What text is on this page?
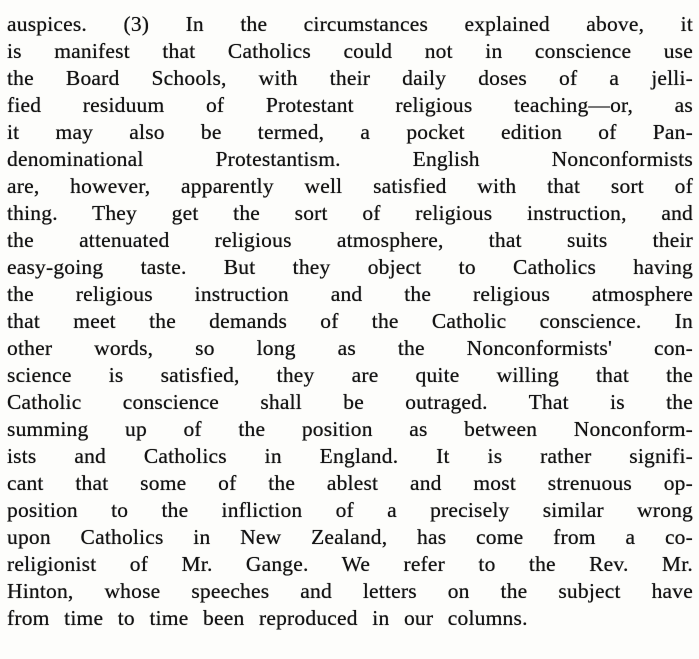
auspices. (3) In the circumstances explained above, it
is manifest that Catholics could not in conscience use
the Board Schools, with their daily doses of a jelli-
fied residuum of Protestant religious teaching—or, as
it may also be termed, a pocket edition of Pan-
denominational Protestantism. English Nonconformists
are, however, apparently well satisfied with that sort of
thing. They get the sort of religious instruction, and
the attenuated religious atmosphere, that suits their
easy-going taste. But they object to Catholics having
the religious instruction and the religious atmosphere
that meet the demands of the Catholic conscience. In
other words, so long as the Nonconformists' con-
science is satisfied, they are quite willing that the
Catholic conscience shall be outraged. That is the
summing up of the position as between Nonconform-
ists and Catholics in England. It is rather signifi-
cant that some of the ablest and most strenuous op-
position to the infliction of a precisely similar wrong
upon Catholics in New Zealand, has come from a co-
religionist of Mr. Gange. We refer to the Rev. Mr.
Hinton, whose speeches and letters on the subject have
from time to time been reproduced in our columns.
